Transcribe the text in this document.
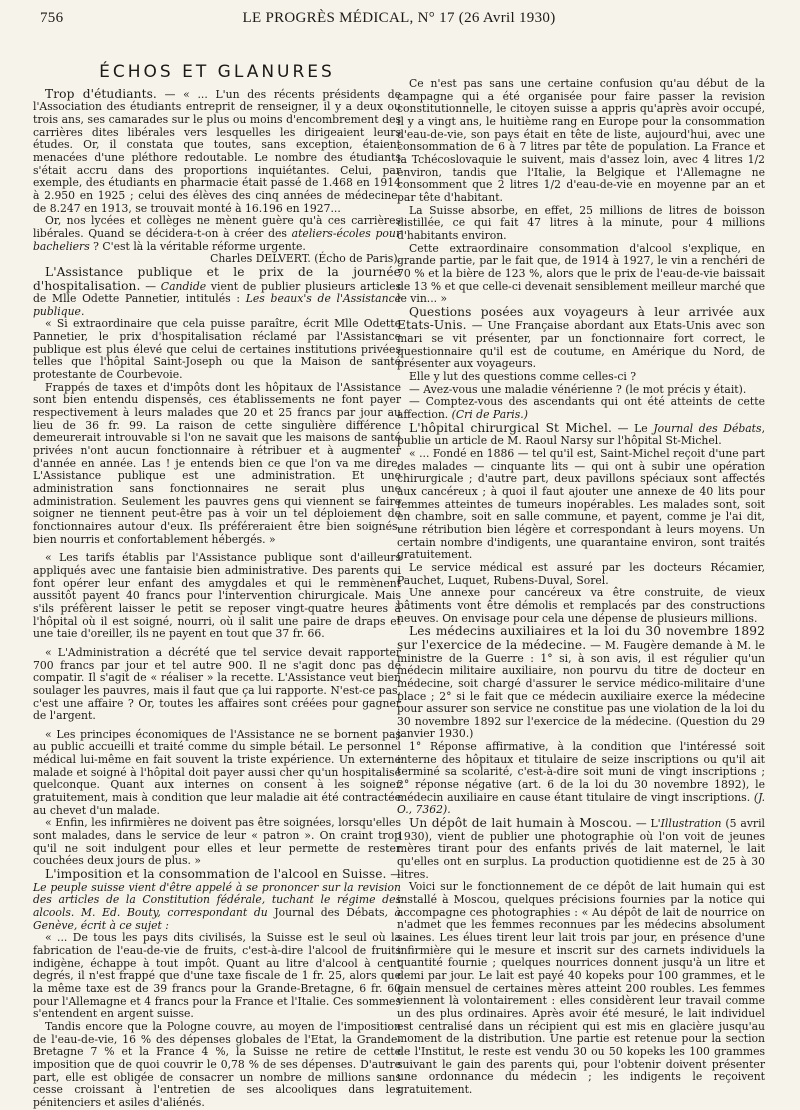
756	LE PROGRÈS MÉDICAL, N° 17 (26 Avril 1930)
ÉCHOS ET GLANURES

Trop d'étudiants. — « ... L'un des récents présidents de l'Association des étudiants entreprit de renseigner, il y a deux ou trois ans, ses camarades sur le plus ou moins d'encombrement des carrières dites libérales vers lesquelles les dirigeaient leurs études. Or, il constata que toutes, sans exception, étaient menacées d'une pléthore redoutable. Le nombre des étudiants s'était accru dans des proportions inquiétantes. Celui, par exemple, des étudiants en pharmacie était passé de 1.468 en 1914 à 2.950 en 1925 ; celui des élèves des cinq années de médecine, de 8.247 en 1913, se trouvait monté à 16.196 en 1927...

Or, nos lycées et collèges ne mènent guère qu'à ces carrières libérales. Quand se décidera-t-on à créer des ateliers-écoles pour bacheliers ? C'est là la véritable réforme urgente.

Charles DELVERT. (Écho de Paris).

L'Assistance publique et le prix de la journée d'hospitalisation. — Candide vient de publier plusieurs articles de Mlle Odette Pannetier, intitulés : Les beaux's de l'Assistance publique.

« Si extraordinaire que cela puisse paraître, écrit Mlle Odette Pannetier, le prix d'hospitalisation réclamé par l'Assistance publique est plus élevé que celui de certaines institutions privées telles que l'hôpital Saint-Joseph ou que la Maison de santé protestante de Courbevoie.

Frappés de taxes et d'impôts dont les hôpitaux de l'Assistance sont bien entendu dispensés, ces établissements ne font payer respectivement à leurs malades que 20 et 25 francs par jour au lieu de 36 fr. 99. La raison de cette singulière différence demeurerait introuvable si l'on ne savait que les maisons de santé privées n'ont aucun fonctionnaire à rétribuer et à augmenter d'année en année. Las ! je entends bien ce que l'on va me dire. L'Assistance publique est une administration. Et une administration sans fonctionnaires ne serait plus une administration. Seulement les pauvres gens qui viennent se faire soigner ne tiennent peut-être pas à voir un tel déploiement de fonctionnaires autour d'eux. Ils préféreraient être bien soignés, bien nourris et confortablement hébergés. »

« Les tarifs établis par l'Assistance publique sont d'ailleurs appliqués avec une fantaisie bien administrative. Des parents qui font opérer leur enfant des amygdales et qui le remmènent aussitôt payent 40 francs pour l'intervention chirurgicale. Mais s'ils préfèrent laisser le petit se reposer vingt-quatre heures à l'hôpital où il est soigné, nourri, où il salit une paire de draps et une taie d'oreiller, ils ne payent en tout que 37 fr. 66.

« L'Administration a décrété que tel service devait rapporter 700 francs par jour et tel autre 900. Il ne s'agit donc pas de compatir. Il s'agit de « réaliser » la recette. L'Assistance veut bien soulager les pauvres, mais il faut que ça lui rapporte. N'est-ce pas, c'est une affaire ? Or, toutes les affaires sont créées pour gagner de l'argent.

« Les principes économiques de l'Assistance ne se bornent pas au public accueilli et traité comme du simple bétail. Le personnel médical lui-même en fait souvent la triste expérience. Un externe malade et soigné à l'hôpital doit payer aussi cher qu'un hospitalisé quelconque. Quant aux internes on consent à les soigner gratuitement, mais à condition que leur maladie ait été contractée au chevet d'un malade.

« Enfin, les infirmières ne doivent pas être soignées, lorsqu'elles sont malades, dans le service de leur « patron ». On craint trop qu'il ne soit indulgent pour elles et leur permette de rester couchées deux jours de plus. »

L'imposition et la consommation de l'alcool en Suisse. — Le peuple suisse vient d'être appelé à se prononcer sur la revision des articles de la Constitution fédérale, tuchant le régime des alcools. M. Ed. Bouty, correspondant du Journal des Débats, à Genève, écrit à ce sujet :

« ... De tous les pays dits civilisés, la Suisse est le seul où la fabrication de l'eau-de-vie de fruits, c'est-à-dire l'alcool de fruits indigène, échappe à tout impôt. Quant au litre d'alcool à cent degrés, il n'est frappé que d'une taxe fiscale de 1 fr. 25, alors que la même taxe est de 39 francs pour la Grande-Bretagne, 6 fr. 60 pour l'Allemagne et 4 francs pour la France et l'Italie. Ces sommes s'entendent en argent suisse.

Tandis encore que la Pologne couvre, au moyen de l'imposition de l'eau-de-vie, 16 % des dépenses globales de l'Etat, la Grande-Bretagne 7 % et la France 4 %, la Suisse ne retire de cette imposition que de quoi couvrir le 0,78 % de ses dépenses. D'autre part, elle est obligée de consacrer un nombre de millions sans cesse croissant à l'entretien de ses alcooliques dans les pénitenciers et asiles d'aliénés.

Ce n'est pas sans une certaine confusion qu'au début de la campagne qui a été organisée pour faire passer la revision constitutionnelle, le citoyen suisse a appris qu'après avoir occupé, il y a vingt ans, le huitième rang en Europe pour la consommation d'eau-de-vie, son pays était en tête de liste, aujourd'hui, avec une consommation de 6 à 7 litres par tête de population. La France et la Tchécoslovaquie le suivent, mais d'assez loin, avec 4 litres 1/2 environ, tandis que l'Italie, la Belgique et l'Allemagne ne consomment que 2 litres 1/2 d'eau-de-vie en moyenne par an et par tête d'habitant.

La Suisse absorbe, en effet, 25 millions de litres de boisson distillée, ce qui fait 47 litres à la minute, pour 4 millions d'habitants environ.

Cette extraordinaire consommation d'alcool s'explique, en grande partie, par le fait que, de 1914 à 1927, le vin a renchéri de 70 % et la bière de 123 %, alors que le prix de l'eau-de-vie baissait de 13 % et que celle-ci devenait sensiblement meilleur marché que le vin... »

Questions posées aux voyageurs à leur arrivée aux Etats-Unis. — Une Française abordant aux Etats-Unis avec son mari se vit présenter, par un fonctionnaire fort correct, le questionnaire qu'il est de coutume, en Amérique du Nord, de présenter aux voyageurs.

Elle y lut des questions comme celles-ci ?

— Avez-vous une maladie vénérienne ? (le mot précis y était).

— Comptez-vous des ascendants qui ont été atteints de cette affection. (Cri de Paris.)

L'hôpital chirurgical St Michel. — Le Journal des Débats, publie un article de M. Raoul Narsy sur l'hôpital St-Michel.

« ... Fondé en 1886 — tel qu'il est, Saint-Michel reçoit d'une part des malades — cinquante lits — qui ont à subir une opération chirurgicale ; d'autre part, deux pavillons spéciaux sont affectés aux cancéreux ; à quoi il faut ajouter une annexe de 40 lits pour femmes atteintes de tumeurs inopérables. Les malades sont, soit en chambre, soit en salle commune, et payent, comme je l'ai dit, une rétribution bien légère et correspondant à leurs moyens. Un certain nombre d'indigents, une quarantaine environ, sont traités gratuitement.

Le service médical est assuré par les docteurs Récamier, Pauchet, Luquet, Rubens-Duval, Sorel.

Une annexe pour cancéreux va être construite, de vieux bâtiments vont être démolis et remplacés par des constructions neuves. On envisage pour cela une dépense de plusieurs millions.

Les médecins auxiliaires et la loi du 30 novembre 1892 sur l'exercice de la médecine. — M. Faugère demande à M. le ministre de la Guerre : 1° si, à son avis, il est régulier qu'un médecin militaire auxiliaire, non pourvu du titre de docteur en médecine, soit chargé d'assurer le service médico-militaire d'une place ; 2° si le fait que ce médecin auxiliaire exerce la médecine pour assurer son service ne constitue pas une violation de la loi du 30 novembre 1892 sur l'exercice de la médecine. (Question du 29 janvier 1930.)

1° Réponse affirmative, à la condition que l'intéressé soit interne des hôpitaux et titulaire de seize inscriptions ou qu'il ait terminé sa scolarité, c'est-à-dire soit muni de vingt inscriptions ; 2° réponse négative (art. 6 de la loi du 30 novembre 1892), le médecin auxiliaire en cause étant titulaire de vingt inscriptions. (J. O., 7362).

Un dépôt de lait humain à Moscou. — L'Illustration (5 avril 1930), vient de publier une photographie où l'on voit de jeunes mères tirant pour des enfants privés de lait maternel, le lait qu'elles ont en surplus. La production quotidienne est de 25 à 30 litres.

Voici sur le fonctionnement de ce dépôt de lait humain qui est installé à Moscou, quelques précisions fournies par la notice qui accompagne ces photographies : « Au dépôt de lait de nourrice on n'admet que les femmes reconnues par les médecins absolument saines. Les élues tirent leur lait trois par jour, en présence d'une infirmière qui le mesure et inscrit sur des carnets individuels la quantité fournie ; quelques nourrices donnent jusqu'à un litre et demi par jour. Le lait est payé 40 kopeks pour 100 grammes, et le gain mensuel de certaines mères atteint 200 roubles. Les femmes viennent là volontairement : elles considèrent leur travail comme un des plus ordinaires. Après avoir été mesuré, le lait individuel est centralisé dans un récipient qui est mis en glacière jusqu'au moment de la distribution. Une partie est retenue pour la section de l'Institut, le reste est vendu 30 ou 50 kopeks les 100 grammes suivant le gain des parents qui, pour l'obtenir doivent présenter une ordonnance du médecin ; les indigents le reçoivent gratuitement.
